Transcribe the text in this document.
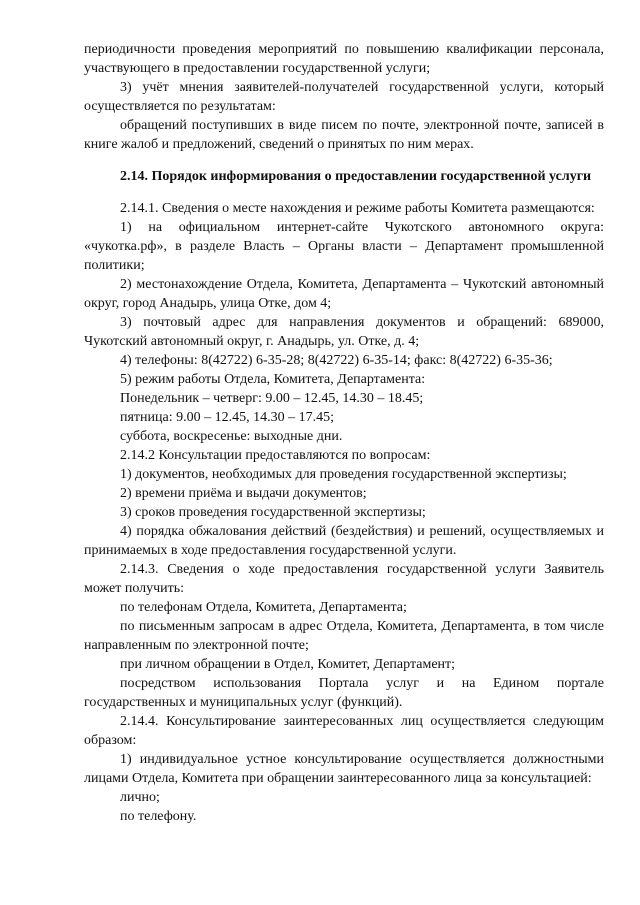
периодичности проведения мероприятий по повышению квалификации персонала, участвующего в предоставлении государственной услуги;

3) учёт мнения заявителей-получателей государственной услуги, который осуществляется по результатам:

обращений поступивших в виде писем по почте, электронной почте, записей в книге жалоб и предложений, сведений о принятых по ним мерах.

2.14. Порядок информирования о предоставлении государственной услуги

2.14.1. Сведения о месте нахождения и режиме работы Комитета размещаются:

1) на официальном интернет-сайте Чукотского автономного округа: «чукотка.рф», в разделе Власть – Органы власти – Департамент промышленной политики;

2) местонахождение Отдела, Комитета, Департамента – Чукотский автономный округ, город Анадырь, улица Отке, дом 4;

3) почтовый адрес для направления документов и обращений: 689000, Чукотский автономный округ, г. Анадырь, ул. Отке, д. 4;

4) телефоны: 8(42722) 6-35-28; 8(42722) 6-35-14; факс: 8(42722) 6-35-36;

5) режим работы Отдела, Комитета, Департамента:

Понедельник – четверг: 9.00 – 12.45, 14.30 – 18.45;

пятница: 9.00 – 12.45, 14.30 – 17.45;

суббота, воскресенье: выходные дни.

2.14.2 Консультации предоставляются по вопросам:

1) документов, необходимых для проведения государственной экспертизы;

2) времени приёма и выдачи документов;

3) сроков проведения государственной экспертизы;

4) порядка обжалования действий (бездействия) и решений, осуществляемых и принимаемых в ходе предоставления государственной услуги.

2.14.3. Сведения о ходе предоставления государственной услуги Заявитель может получить:

по телефонам Отдела, Комитета, Департамента;

по письменным запросам в адрес Отдела, Комитета, Департамента, в том числе направленным по электронной почте;

при личном обращении в Отдел, Комитет, Департамент;

посредством использования Портала услуг и на Едином портале государственных и муниципальных услуг (функций).

2.14.4. Консультирование заинтересованных лиц осуществляется следующим образом:

1) индивидуальное устное консультирование осуществляется должностными лицами Отдела, Комитета при обращении заинтересованного лица за консультацией:

лично;

по телефону.
